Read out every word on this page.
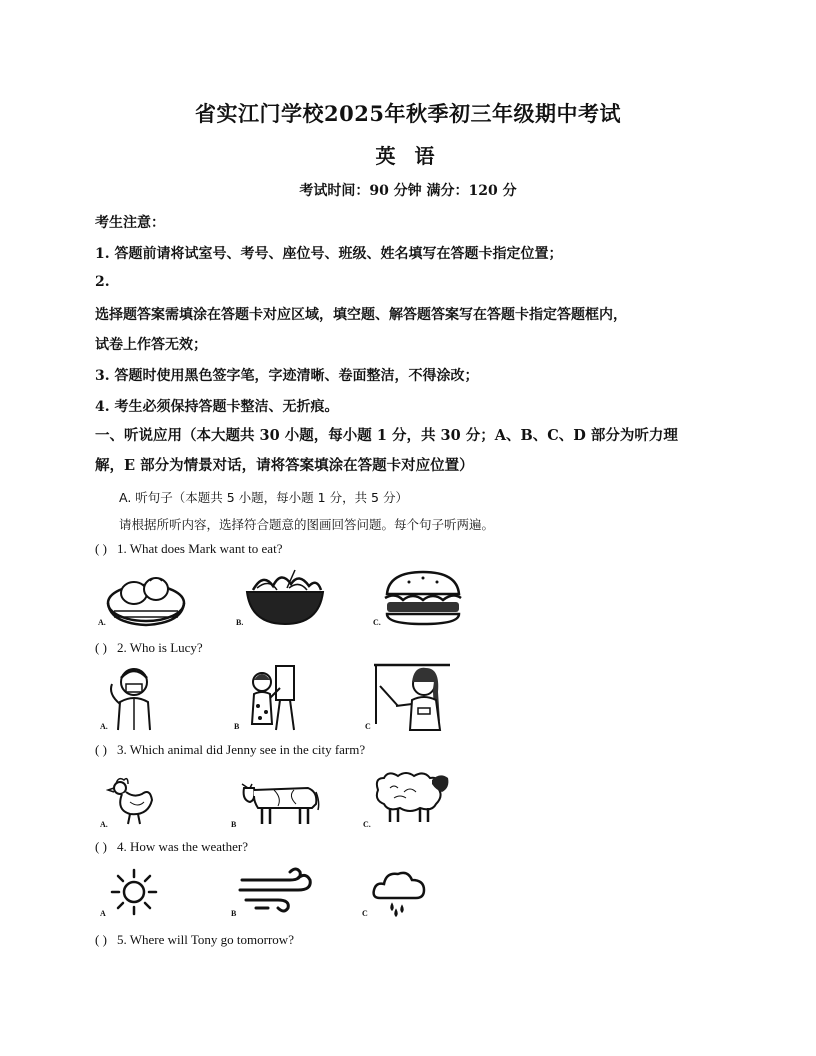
省实江门学校2025年秋季初三年级期中考试
英 语
考试时间：90 分钟 满分：120 分
考生注意：
1. 答题前请将试室号、考号、座位号、班级、姓名填写在答题卡指定位置；
2.
选择题答案需填涂在答题卡对应区域，填空题、解答题答案写在答题卡指定答题框内，
试卷上作答无效；
3. 答题时使用黑色签字笔，字迹清晰、卷面整洁，不得涂改；
4. 考生必须保持答题卡整洁、无折痕。
一、听说应用（本大题共 30 小题，每小题 1 分，共 30 分；A、B、C、D 部分为听力理
解，E 部分为情景对话，请将答案填涂在答题卡对应位置）
A. 听句子（本题共 5 小题，每小题 1 分，共 5 分）
请根据所听内容，选择符合题意的图画回答问题。每个句子听两遍。
( ) 1. What does Mark want to eat?
A.	B.	C.
( ) 2. Who is Lucy?
A.	B	C
( ) 3. Which animal did Jenny see in the city farm?
A.	B	C.
( ) 4. How was the weather?
A	B	C
( ) 5. Where will Tony go tomorrow?
